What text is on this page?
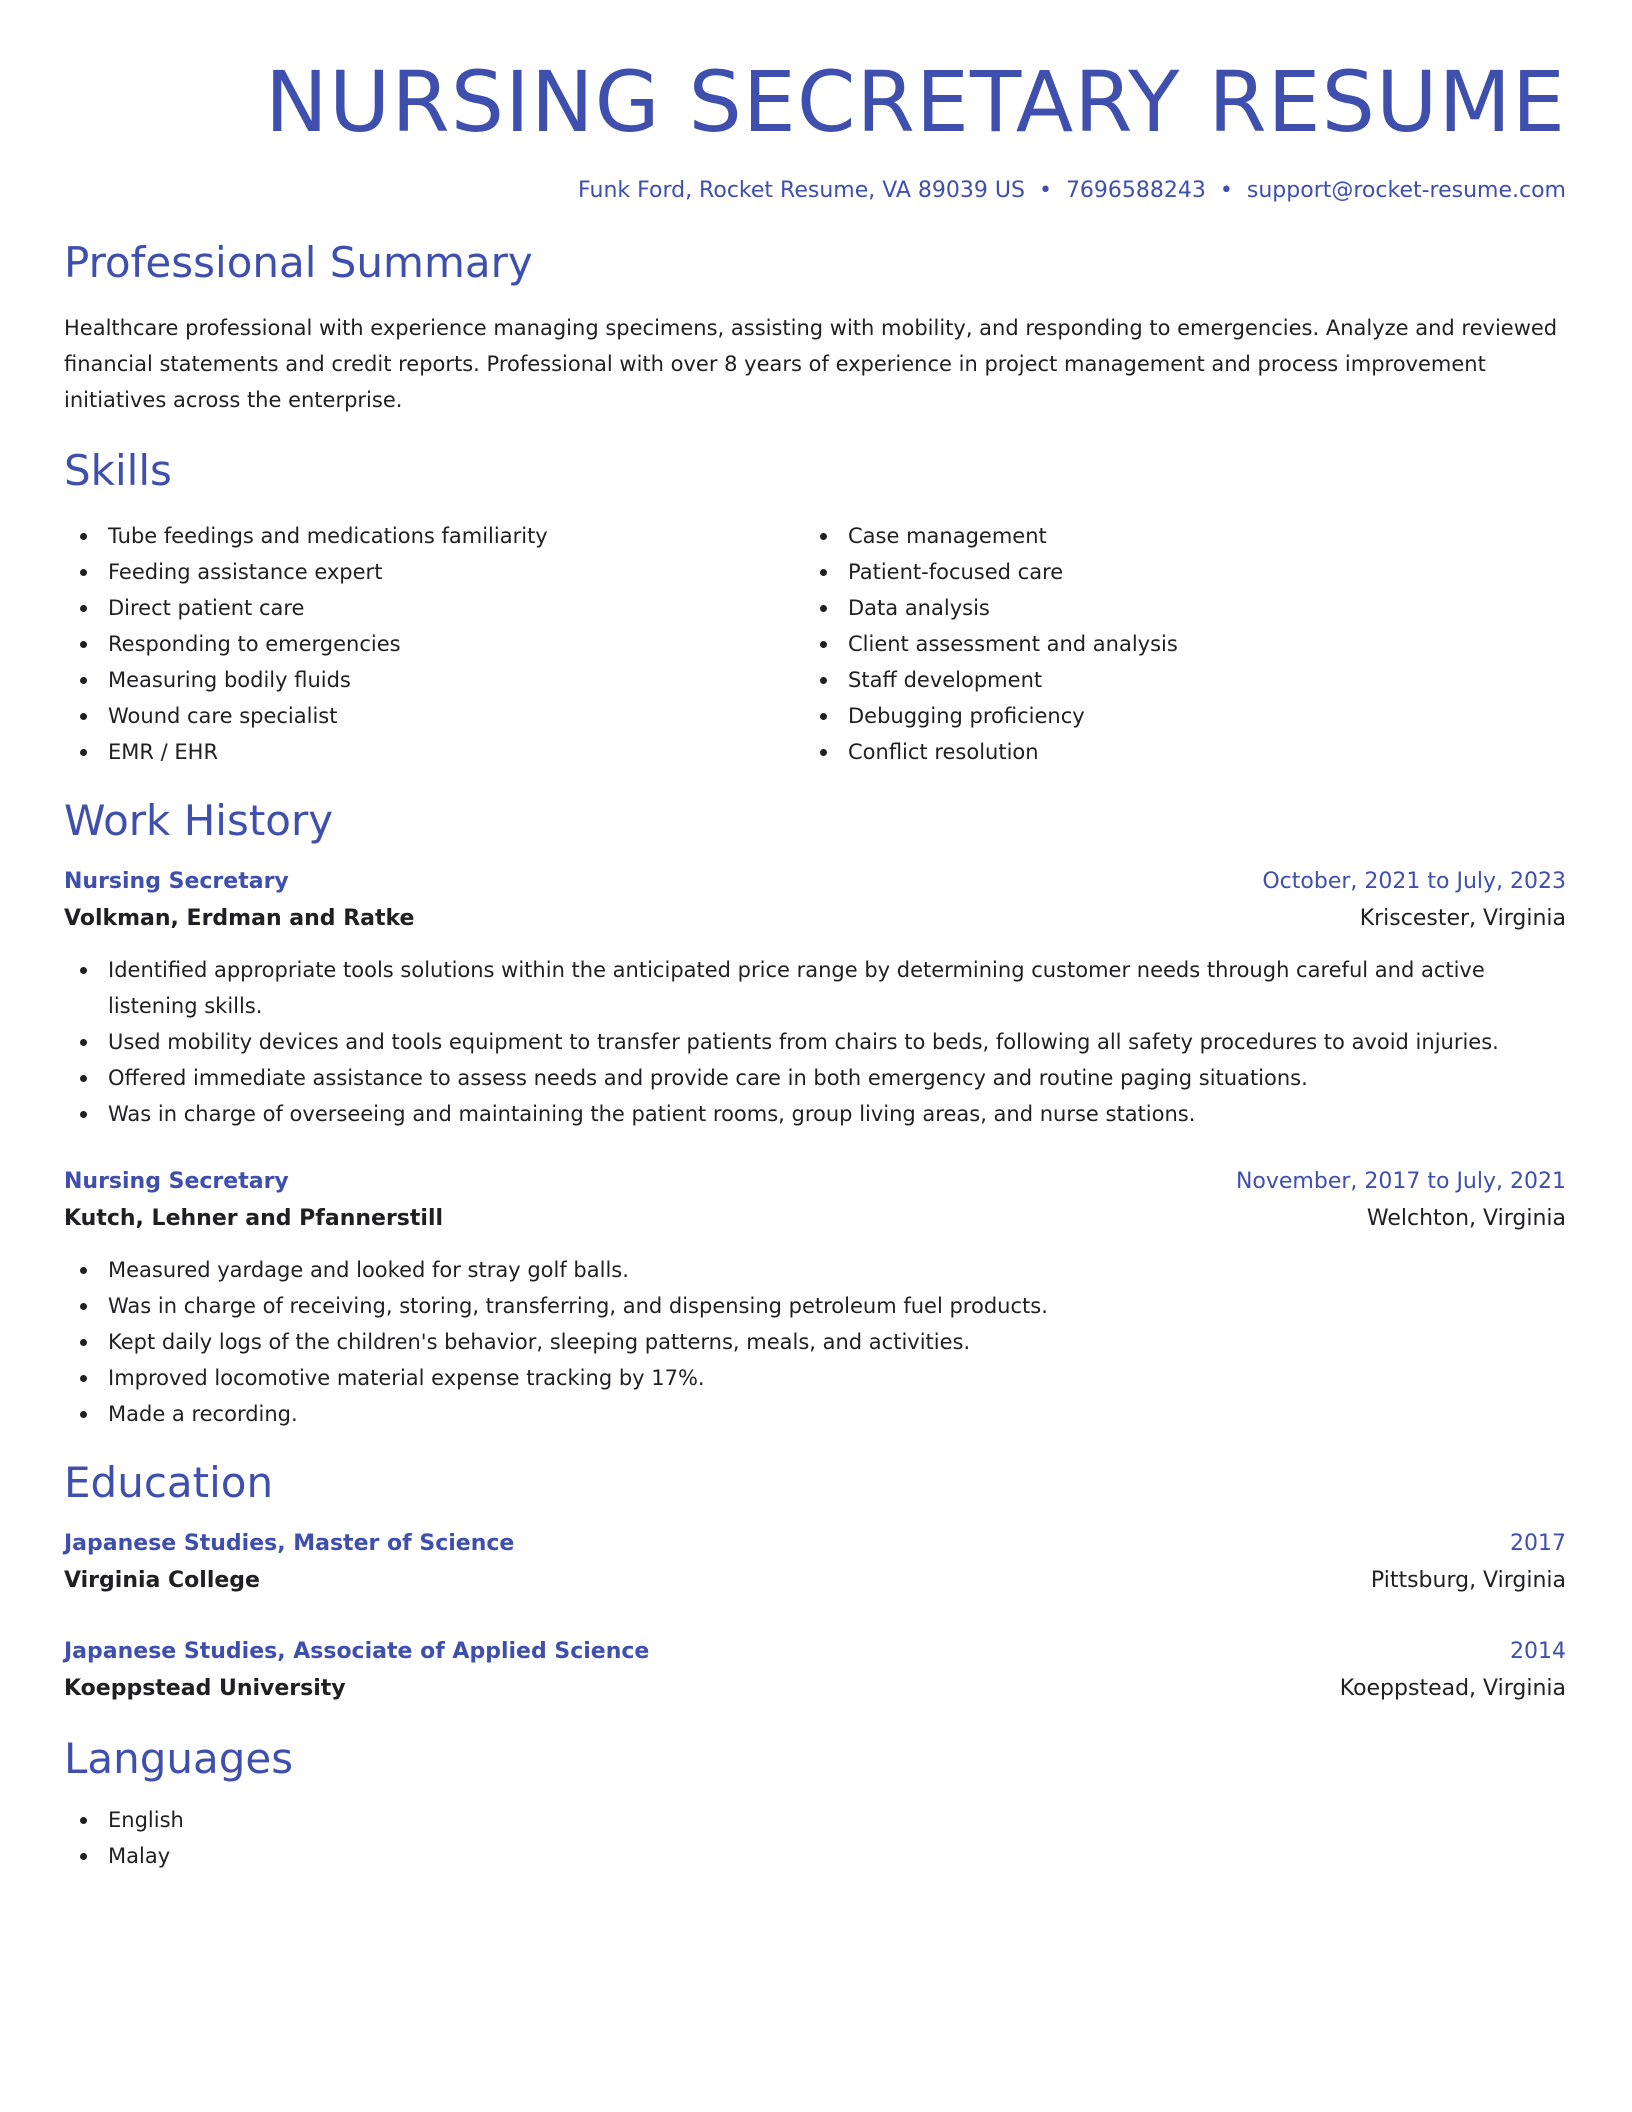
NURSING SECRETARY RESUME
Funk Ford, Rocket Resume, VA 89039 US • 7696588243 • support@rocket-resume.com
Professional Summary

Healthcare professional with experience managing specimens, assisting with mobility, and responding to emergencies. Analyze and reviewed financial statements and credit reports. Professional with over 8 years of experience in project management and process improvement initiatives across the enterprise.

Skills
Tube feedings and medications familiarity
Feeding assistance expert
Direct patient care
Responding to emergencies
Measuring bodily fluids
Wound care specialist
EMR / EHR
Case management
Patient-focused care
Data analysis
Client assessment and analysis
Staff development
Debugging proficiency
Conflict resolution
Work History
Nursing Secretary	October, 2021 to July, 2023
Volkman, Erdman and Ratke	Kriscester, Virginia
Identified appropriate tools solutions within the anticipated price range by determining customer needs through careful and active listening skills.
Used mobility devices and tools equipment to transfer patients from chairs to beds, following all safety procedures to avoid injuries.
Offered immediate assistance to assess needs and provide care in both emergency and routine paging situations.
Was in charge of overseeing and maintaining the patient rooms, group living areas, and nurse stations.
Nursing Secretary	November, 2017 to July, 2021
Kutch, Lehner and Pfannerstill	Welchton, Virginia
Measured yardage and looked for stray golf balls.
Was in charge of receiving, storing, transferring, and dispensing petroleum fuel products.
Kept daily logs of the children's behavior, sleeping patterns, meals, and activities.
Improved locomotive material expense tracking by 17%.
Made a recording.
Education
Japanese Studies, Master of Science	2017
Virginia College	Pittsburg, Virginia
Japanese Studies, Associate of Applied Science	2014
Koeppstead University	Koeppstead, Virginia
Languages
English
Malay
